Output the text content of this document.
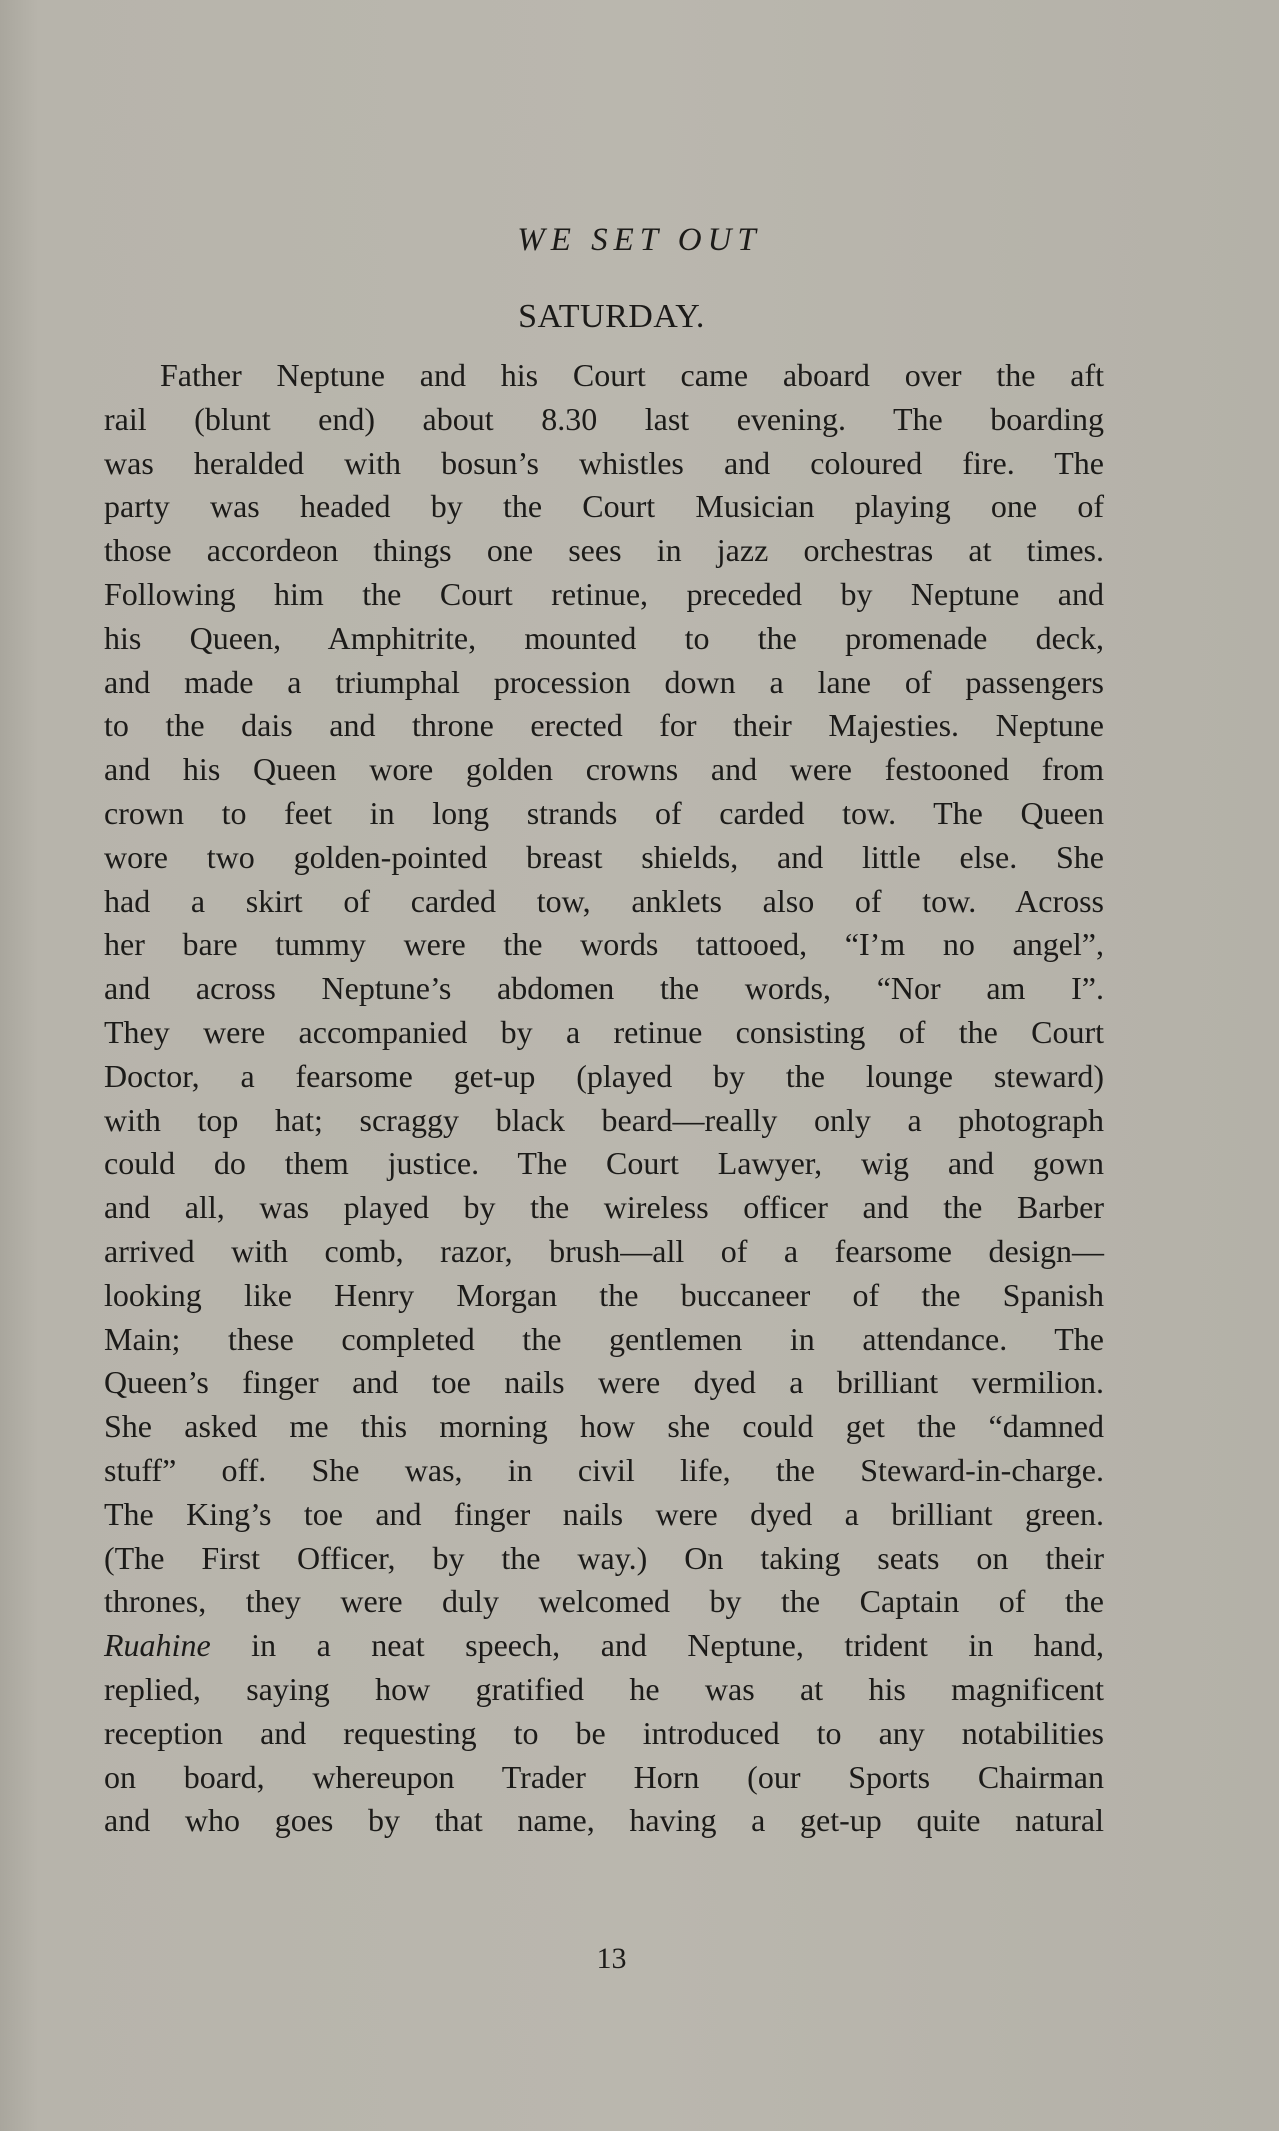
WE SET OUT
SATURDAY.
Father Neptune and his Court came aboard over the aft
rail (blunt end) about 8.30 last evening. The boarding
was heralded with bosun’s whistles and coloured fire. The
party was headed by the Court Musician playing one of
those accordeon things one sees in jazz orchestras at times.
Following him the Court retinue, preceded by Neptune and
his Queen, Amphitrite, mounted to the promenade deck,
and made a triumphal procession down a lane of passengers
to the dais and throne erected for their Majesties. Neptune
and his Queen wore golden crowns and were festooned from
crown to feet in long strands of carded tow. The Queen
wore two golden-pointed breast shields, and little else. She
had a skirt of carded tow, anklets also of tow. Across
her bare tummy were the words tattooed, “I’m no angel”,
and across Neptune’s abdomen the words, “Nor am I”.
They were accompanied by a retinue consisting of the Court
Doctor, a fearsome get-up (played by the lounge steward)
with top hat; scraggy black beard—really only a photograph
could do them justice. The Court Lawyer, wig and gown
and all, was played by the wireless officer and the Barber
arrived with comb, razor, brush—all of a fearsome design—
looking like Henry Morgan the buccaneer of the Spanish
Main; these completed the gentlemen in attendance. The
Queen’s finger and toe nails were dyed a brilliant vermilion.
She asked me this morning how she could get the “damned
stuff” off. She was, in civil life, the Steward-in-charge.
The King’s toe and finger nails were dyed a brilliant green.
(The First Officer, by the way.) On taking seats on their
thrones, they were duly welcomed by the Captain of the
Ruahine in a neat speech, and Neptune, trident in hand,
replied, saying how gratified he was at his magnificent
reception and requesting to be introduced to any notabilities
on board, whereupon Trader Horn (our Sports Chairman
and who goes by that name, having a get-up quite natural
13
